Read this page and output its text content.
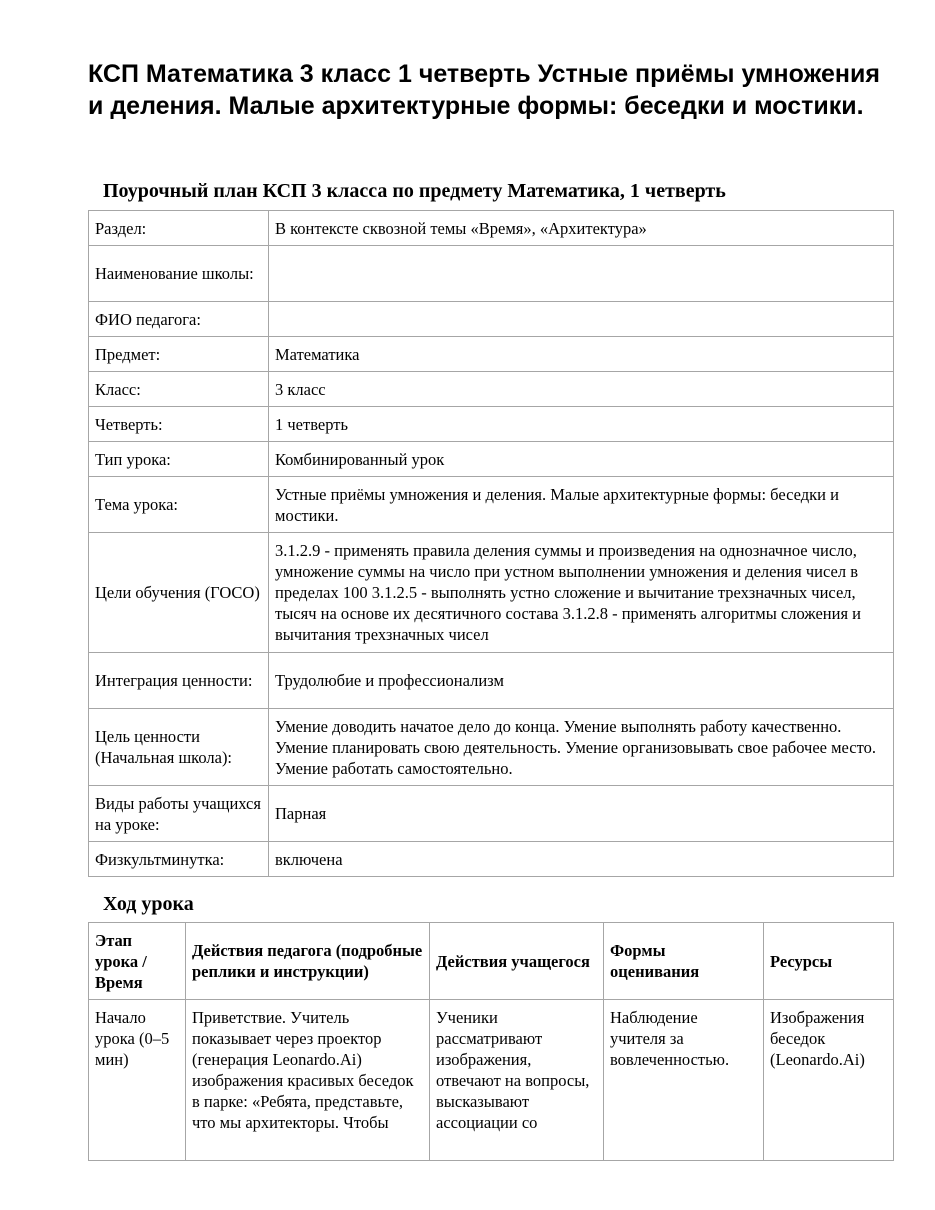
КСП Математика 3 класс 1 четверть Устные приёмы умножения и деления. Малые архитектурные формы: беседки и мостики.
Поурочный план КСП 3 класса по предмету Математика, 1 четверть
Раздел:	В контексте сквозной темы «Время», «Архитектура»
Наименование школы:	
ФИО педагога:	
Предмет:	Математика
Класс:	3 класс
Четверть:	1 четверть
Тип урока:	Комбинированный урок
Тема урока:	Устные приёмы умножения и деления. Малые архитектурные формы: беседки и мостики.
Цели обучения (ГОСО)	3.1.2.9 - применять правила деления суммы и произведения на однозначное число, умножение суммы на число при устном выполнении умножения и деления чисел в пределах 100 3.1.2.5 - выполнять устно сложение и вычитание трехзначных чисел, тысяч на основе их десятичного состава 3.1.2.8 - применять алгоритмы сложения и вычитания трехзначных чисел
Интеграция ценности:	Трудолюбие и профессионализм
Цель ценности (Начальная школа):	Умение доводить начатое дело до конца. Умение выполнять работу качественно. Умение планировать свою деятельность. Умение организовывать свое рабочее место. Умение работать самостоятельно.
Виды работы учащихся на уроке:	Парная
Физкультминутка:	включена
Ход урока
Этап урока / Время	Действия педагога (подробные реплики и инструкции)	Действия учащегося	Формы оценивания	Ресурсы
Начало урока (0–5 мин)	Приветствие. Учитель показывает через проектор (генерация Leonardo.Ai) изображения красивых беседок в парке: «Ребята, представьте, что мы архитекторы. Чтобы	Ученики рассматривают изображения, отвечают на вопросы, высказывают ассоциации со	Наблюдение учителя за вовлеченностью.	Изображения беседок (Leonardo.Ai)
